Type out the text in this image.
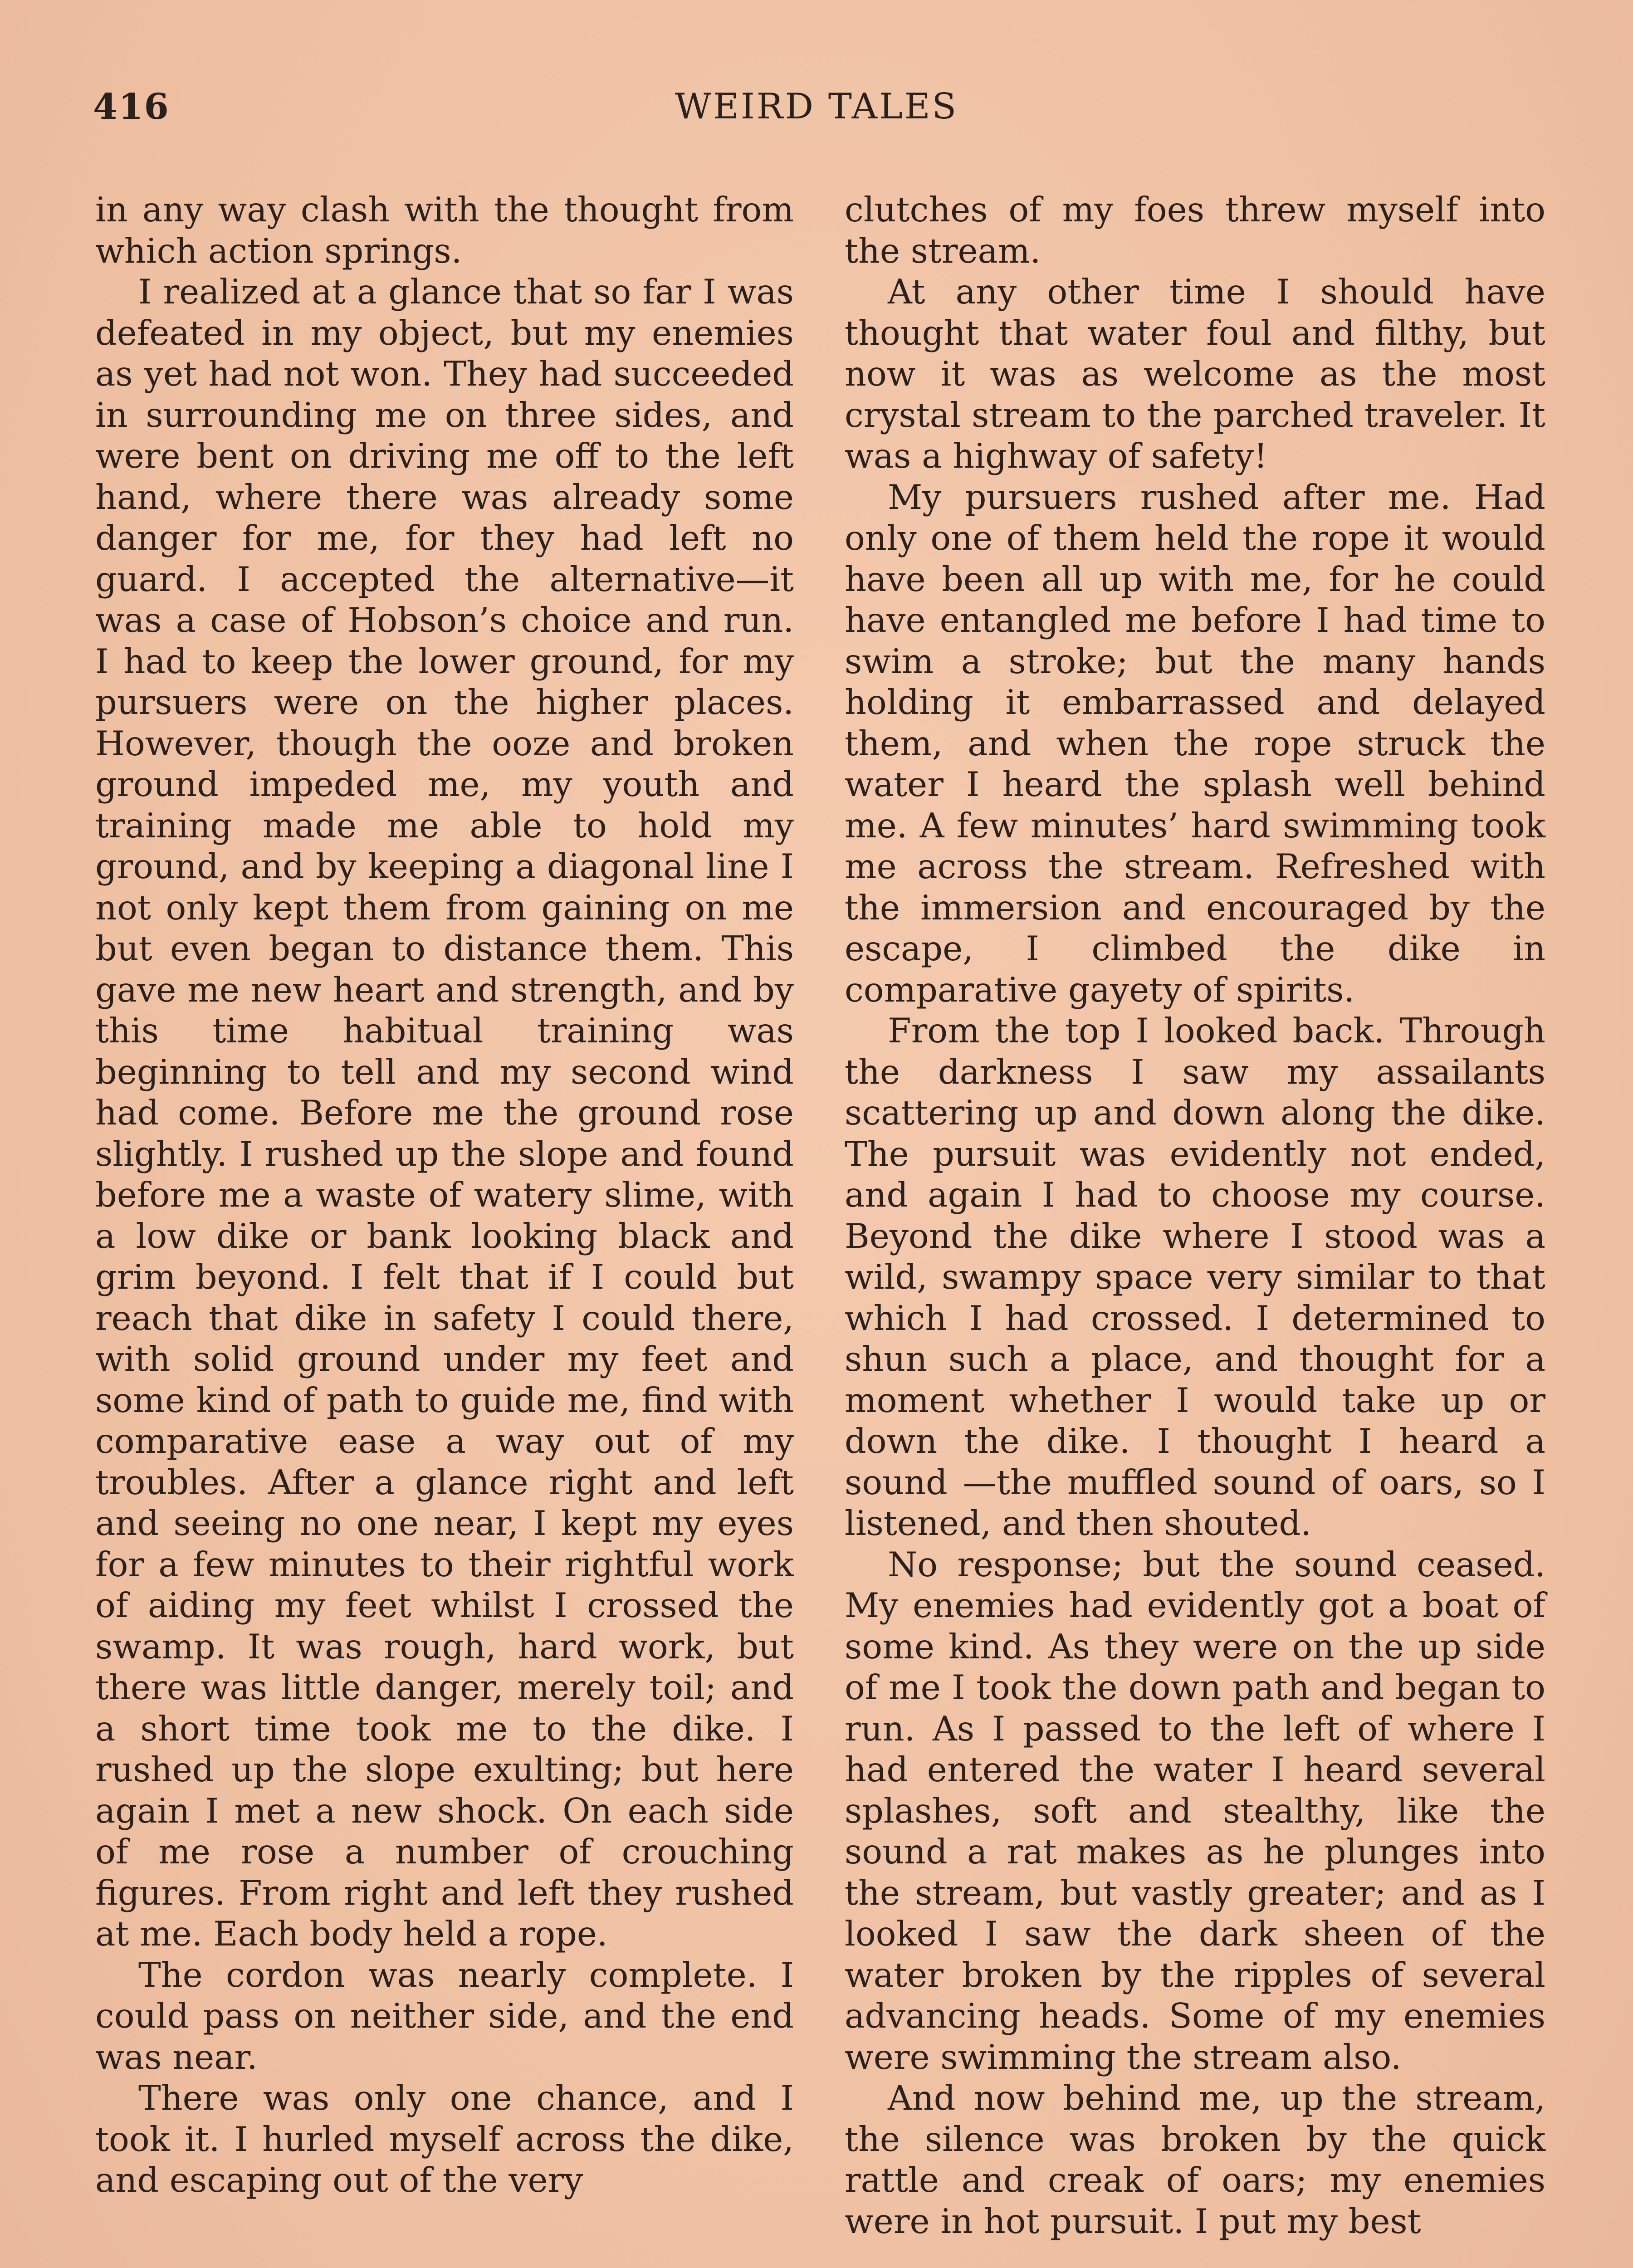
416	WEIRD TALES

in any way clash with the thought from which action springs.

I realized at a glance that so far I was defeated in my object, but my enemies as yet had not won. They had succeeded in surrounding me on three sides, and were bent on driving me off to the left hand, where there was already some danger for me, for they had left no guard. I accepted the alternative—it was a case of Hobson’s choice and run. I had to keep the lower ground, for my pursuers were on the higher places. However, though the ooze and broken ground impeded me, my youth and training made me able to hold my ground, and by keeping a diagonal line I not only kept them from gaining on me but even began to distance them. This gave me new heart and strength, and by this time habitual training was beginning to tell and my second wind had come. Before me the ground rose slightly. I rushed up the slope and found before me a waste of watery slime, with a low dike or bank looking black and grim beyond. I felt that if I could but reach that dike in safety I could there, with solid ground under my feet and some kind of path to guide me, find with comparative ease a way out of my troubles. After a glance right and left and seeing no one near, I kept my eyes for a few minutes to their rightful work of aiding my feet whilst I crossed the swamp. It was rough, hard work, but there was little danger, merely toil; and a short time took me to the dike. I rushed up the slope exulting; but here again I met a new shock. On each side of me rose a number of crouching figures. From right and left they rushed at me. Each body held a rope.

The cordon was nearly complete. I could pass on neither side, and the end was near.

There was only one chance, and I took it. I hurled myself across the dike, and escaping out of the very

clutches of my foes threw myself into the stream.

At any other time I should have thought that water foul and filthy, but now it was as welcome as the most crystal stream to the parched traveler. It was a highway of safety!

My pursuers rushed after me. Had only one of them held the rope it would have been all up with me, for he could have entangled me before I had time to swim a stroke; but the many hands holding it embarrassed and delayed them, and when the rope struck the water I heard the splash well behind me. A few minutes’ hard swimming took me across the stream. Refreshed with the immersion and encouraged by the escape, I climbed the dike in comparative gayety of spirits.

From the top I looked back. Through the darkness I saw my assailants scattering up and down along the dike. The pursuit was evidently not ended, and again I had to choose my course. Beyond the dike where I stood was a wild, swampy space very similar to that which I had crossed. I determined to shun such a place, and thought for a moment whether I would take up or down the dike. I thought I heard a sound —the muffled sound of oars, so I listened, and then shouted.

No response; but the sound ceased. My enemies had evidently got a boat of some kind. As they were on the up side of me I took the down path and began to run. As I passed to the left of where I had entered the water I heard several splashes, soft and stealthy, like the sound a rat makes as he plunges into the stream, but vastly greater; and as I looked I saw the dark sheen of the water broken by the ripples of several advancing heads. Some of my enemies were swimming the stream also.

And now behind me, up the stream, the silence was broken by the quick rattle and creak of oars; my enemies were in hot pursuit. I put my best
